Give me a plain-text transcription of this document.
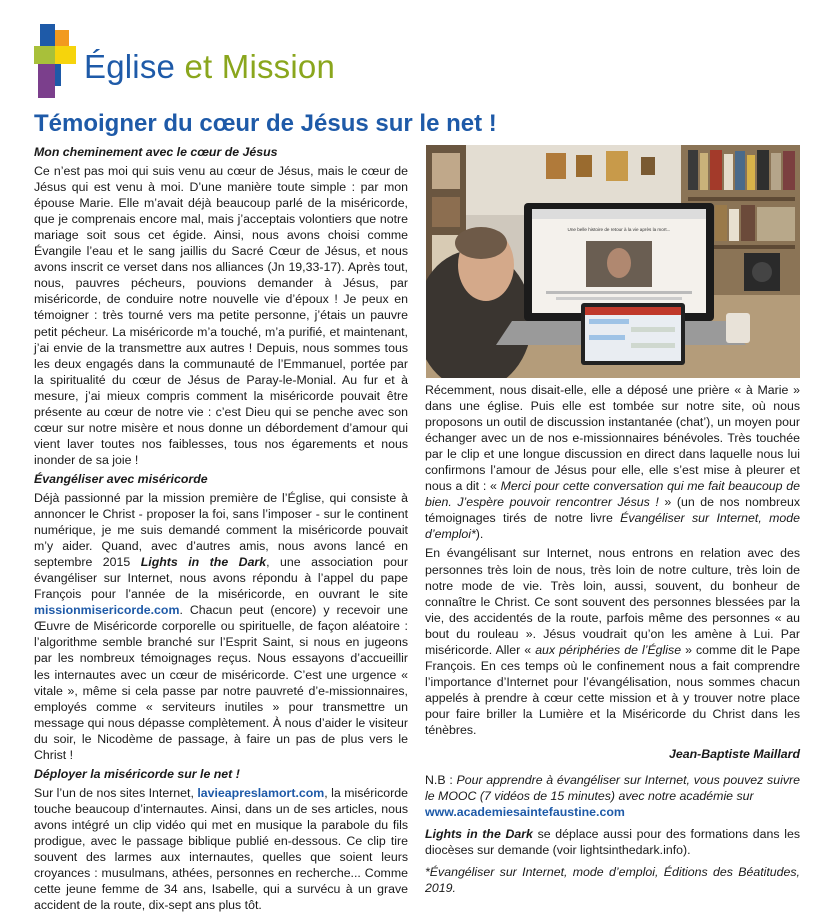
Église et Mission
Témoigner du cœur de Jésus sur le net !

Mon cheminement avec le cœur de Jésus

Ce n’est pas moi qui suis venu au cœur de Jésus, mais le cœur de Jésus qui est venu à moi. D’une manière toute simple : par mon épouse Marie. Elle m’avait déjà beaucoup parlé de la miséricorde, que je comprenais encore mal, mais j’acceptais volontiers que notre mariage soit sous cet égide. Ainsi, nous avons choisi comme Évangile l’eau et le sang jaillis du Sacré Cœur de Jésus, et nous avons inscrit ce verset dans nos alliances (Jn 19,33-17). Après tout, nous, pauvres pécheurs, pouvions demander à Jésus, par miséricorde, de conduire notre nouvelle vie d’époux ! Je peux en témoigner : très tourné vers ma petite personne, j’étais un pauvre petit pécheur. La miséricorde m’a touché, m’a purifié, et maintenant, j’ai envie de la transmettre aux autres ! Depuis, nous sommes tous les deux engagés dans la communauté de l’Emmanuel, portée par la spiritualité du cœur de Jésus de Paray-le-Monial. Au fur et à mesure, j’ai mieux compris comment la miséricorde pouvait être présente au cœur de notre vie : c’est Dieu qui se penche avec son cœur sur notre misère et nous donne un débordement d’amour qui vient laver toutes nos faiblesses, tous nos égarements et nous inonder de sa joie !

Évangéliser avec miséricorde

Déjà passionné par la mission première de l’Église, qui consiste à annoncer le Christ - proposer la foi, sans l’imposer - sur le continent numérique, je me suis demandé comment la miséricorde pouvait m’y aider. Quand, avec d’autres amis, nous avons lancé en septembre 2015 Lights in the Dark, une association pour évangéliser sur Internet, nous avons répondu à l’appel du pape François pour l’année de la miséricorde, en ouvrant le site missionmisericorde.com. Chacun peut (encore) y recevoir une Œuvre de Miséricorde corporelle ou spirituelle, de façon aléatoire : l’algorithme semble branché sur l’Esprit Saint, si nous en jugeons par les nombreux témoignages reçus. Nous essayons d’accueillir les internautes avec un cœur de miséricorde. C’est une urgence « vitale », même si cela passe par notre pauvreté d’e-missionnaires, employés comme « serviteurs inutiles » pour transmettre un message qui nous dépasse complètement. À nous d’aider le visiteur du soir, le Nicodème de passage, à faire un pas de plus vers le Christ !

Déployer la miséricorde sur le net !

Sur l’un de nos sites Internet, lavieapreslamort.com, la miséricorde touche beaucoup d’internautes. Ainsi, dans un de ses articles, nous avons intégré un clip vidéo qui met en musique la parabole du fils prodigue, avec le passage biblique publié en-dessous. Ce clip tire souvent des larmes aux internautes, quelles que soient leurs croyances : musulmans, athées, personnes en recherche... Comme cette jeune femme de 34 ans, Isabelle, qui a survécu à un grave accident de la route, dix-sept ans plus tôt.

Une belle histoire de retour à la vie après la mort...

Récemment, nous disait-elle, elle a déposé une prière « à Marie » dans une église. Puis elle est tombée sur notre site, où nous proposons un outil de discussion instantanée (chat’), un moyen pour échanger avec un de nos e-missionnaires bénévoles. Très touchée par le clip et une longue discussion en direct dans laquelle nous lui confirmons l’amour de Jésus pour elle, elle s’est mise à pleurer et nous a dit : « Merci pour cette conversation qui me fait beaucoup de bien. J’espère pouvoir rencontrer Jésus ! » (un de nos nombreux témoignages tirés de notre livre Évangéliser sur Internet, mode d’emploi*).

En évangélisant sur Internet, nous entrons en relation avec des personnes très loin de nous, très loin de notre culture, très loin de notre mode de vie. Très loin, aussi, souvent, du bonheur de connaître le Christ. Ce sont souvent des personnes blessées par la vie, des accidentés de la route, parfois même des personnes « au bout du rouleau ». Jésus voudrait qu’on les amène à Lui. Par miséricorde. Aller « aux périphéries de l’Église » comme dit le Pape François. En ces temps où le confinement nous a fait comprendre l’importance d’Internet pour l’évangélisation, nous sommes chacun appelés à prendre à cœur cette mission et à y trouver notre place pour faire briller la Lumière et la Miséricorde du Christ dans les ténèbres.

Jean-Baptiste Maillard

N.B : Pour apprendre à évangéliser sur Internet, vous pouvez suivre le MOOC (7 vidéos de 15 minutes) avec notre académie sur
www.academiesaintefaustine.com

Lights in the Dark se déplace aussi pour des formations dans les diocèses sur demande (voir lightsinthedark.info).

*Évangéliser sur Internet, mode d’emploi, Éditions des Béatitudes, 2019.
